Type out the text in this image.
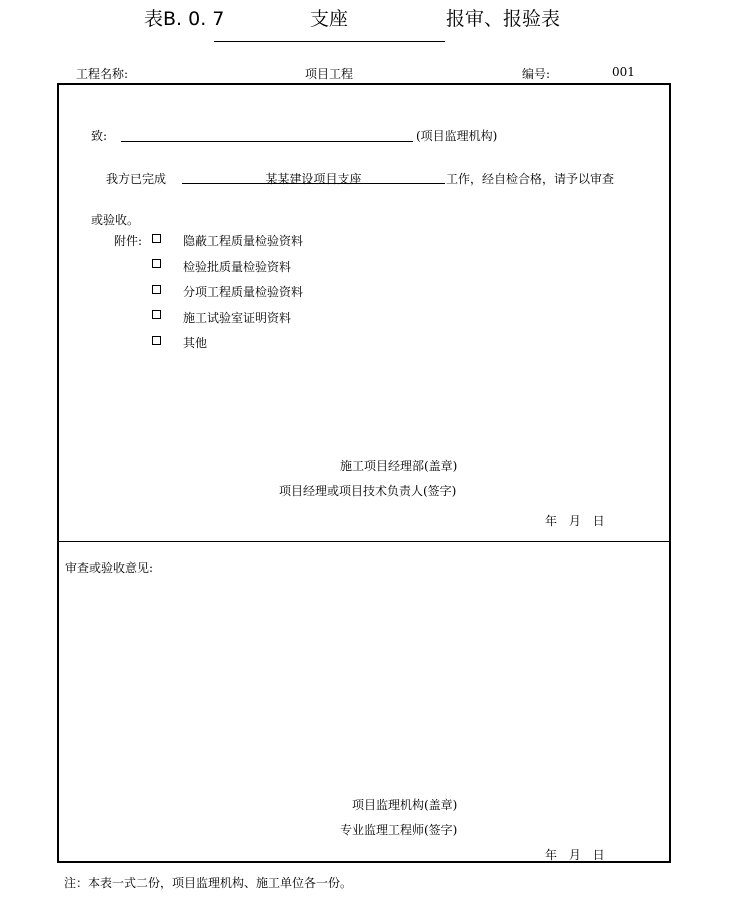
表B. 0. 7	支座	报审、报验表
工程名称:	项目工程	编号:	001
致:	(项目监理机构)
我方已完成	某某建设项目支座	工作，经自检合格，请予以审查
或验收。
附件:	隐蔽工程质量检验资料
检验批质量检验资料
分项工程质量检验资料
施工试验室证明资料
其他
施工项目经理部(盖章)
项目经理或项目技术负责人(签字)
年 月 日
审查或验收意见:
项目监理机构(盖章)
专业监理工程师(签字)
年 月 日
注：本表一式二份，项目监理机构、施工单位各一份。
